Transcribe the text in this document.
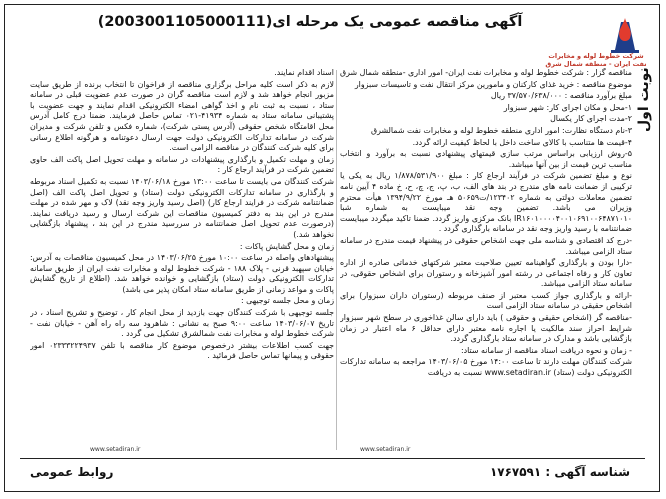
نوبت اول
شرکت خطوط لوله و مخابرات نفت ایران - منطقه شمال شرق
آگهی مناقصه عمومی یک مرحله ای(2003001105000111)

مناقصه گزار : شرکت خطوط لوله و مخابرات نفت ایران- امور اداری -منطقه شمال شرق

موضوع مناقصه : خرید غذای کارکنان و مامورین مرکز انتقال نفت و تاسیسات سبزوار

مبلغ برآورد مناقصه : ۳۷/۵۷۰/۶۳۸/۰۰۰ ریال

۱-محل و مکان اجرای کار: شهر سبزوار

۲-مدت اجرای کار یکسال

۳-نام دستگاه نظارت: امور اداری منطقه خطوط لوله و مخابرات نفت شمالشرق

۴-قیمت ها متناسب با کالای ساخت داخل با لحاظ کیفیت ارائه گردد.

۵-روش ارزیابی براساس مرتب سازی قیمتهای پیشنهادی نسبت به برآورد و انتخاب مناسب ترین قیمت از بین آنها میباشد.

نوع و مبلغ تضمین شرکت در فرآیند ارجاع کار : مبلغ ۱/۸۷۸/۵۳۱/۹۰۰ ریال به یکی یا ترکیبی از ضمانت نامه های مندرج در بند های الف، ب، پ، ج، چ، ح، خ ماده ۴ آیین نامه تضمین معاملات دولتی به شماره ۱۲۳۴۰۲/ت۵۰۶۵۹ هـ مورخ ۱۳۹۴/۹/۲۲ هیأت محترم وزیران می باشد. تضمین وجه نقد میبایست به شماره شبا IR۱۶۰۱۰۰۰۰۴۰۰۱۰۶۹۱۰۰۶۴۸۷۱۰۱۰ بانک مرکزی واریز گردد. ضمنا تاکید میگردد میبایست ضمانتنامه با رسید واریز وجه نقد در سامانه بارگذاری گردد .

-درج کد اقتصادی و شناسه ملی جهت اشخاص حقوقی در پیشنهاد قیمت مندرج در سامانه ستاد الزامی میباشد.

-دارا بودن و بارگذاری گواهینامه تعیین صلاحیت معتبر شرکتهای خدماتی صادره از اداره تعاون کار و رفاه اجتماعی در رشته امور آشپزخانه و رستوران برای اشخاص حقوقی، در سامانه ستاد الزامی میباشد.

-ارائه و بارگذاری جواز کسب معتبر از صنف مربوطه (رستوران داران سبزوار) برای اشخاص حقیقی در سامانه ستاد الزامی است

-مناقصه گر (اشخاص حقیقی و حقوقی ) باید دارای سالن غذاخوری در سطح شهر سبزوار شرایط احراز سند مالکیت یا اجاره نامه معتبر دارای حداقل ۶ ماه اعتبار در زمان بازگشایی باشد و مدارک در سامانه ستاد بارگذاری گردد.

- زمان و نحوه دریافت اسناد مناقصه از سامانه ستاد:

شرکت کنندگان مهلت دارند تا ساعت ۱۴:۰۰ مورخ ۱۴۰۳/۰۶/۰۵ مراجعه به سامانه تدارکات الکترونیکی دولت (ستاد) www.setadiran.ir نسبت به دریافت

اسناد اقدام نمایند.

لازم به ذکر است کلیه مراحل برگزاری مناقصه از فراخوان تا انتخاب برنده از طریق سایت مزبور انجام خواهد شد و لازم است مناقصه گران در صورت عدم عضویت قبلی در سامانه ستاد ، نسبت به ثبت نام و اخذ گواهی امضاء الکترونیکی اقدام نمایند و جهت عضویت با پشتیبانی سامانه ستاد به شماره ۴۱۹۳۴-۰۲۱ تماس حاصل فرمایند. ضمنا درج کامل آدرس محل اقامتگاه شخص حقوقی (آدرس پستی شرکت)، شماره فکس و تلفن شرکت و مدیران شرکت در سامانه تدارکات الکترونیکی دولت جهت ارسال دعوتنامه و هرگونه اطلاع رسانی برای کلیه شرکت کنندگان در مناقصه الزامی است.

زمان و مهلت تکمیل و بارگذاری پیشنهادات در سامانه و مهلت تحویل اصل پاکت الف حاوی تضمین شرکت در فرآیند ارجاع کار :

شرکت کنندگان می بایست تا ساعت ۱۳:۰۰ مورخ ۱۴۰۳/۰۶/۱۸ نسبت به تکمیل اسناد مربوطه و بارگذاری در سامانه تدارکات الکترونیکی دولت (ستاد) و تحویل اصل پاکت الف (اصل ضمانتنامه شرکت در فرایند ارجاع کار) (اصل رسید واریز وجه نقد) لاک و مهر شده در مهلت مندرج در این بند به دفتر کمیسیون مناقصات این شرکت ارسال و رسید دریافت نمایند. (درصورت عدم تحویل اصل ضمانتنامه در سررسید مندرج در این بند ، پیشنهاد بازگشایی نخواهد شد.)

زمان و محل گشایش پاکات :

پیشنهادهای واصله در ساعت ۱۰:۰۰ مورخ ۱۴۰۳/۰۶/۲۵ در محل کمیسیون مناقصات به آدرس: خیابان سپهبد قرنی - پلاک ۱۸۸ - شرکت خطوط لوله و مخابرات نفت ایران از طریق سامانه تدارکات الکترونیکی دولت (ستاد) بازگشایی و خوانده خواهد شد. (اطلاع از تاریخ گشایش پاکات و مواعد زمانی از طریق سامانه ستاد امکان پذیر می باشد)

زمان و محل جلسه توجیهی :

جلسه توجیهی با شرکت کنندگان جهت بازدید از محل انجام کار ، توضیح و تشریح اسناد ، در تاریخ ۱۴۰۳/۰۶/۰۷ ساعت ۹:۰۰ صبح به نشانی : شاهرود سه راه راه آهن - خیابان نفت - شرکت خطوط لوله و مخابرات نفت شمالشرق تشکیل می گردد .

جهت کسب اطلاعات بیشتر درخصوص موضوع کار مناقصه با تلفن ۰۲۳۳۳۲۲۴۹۳۷ امور حقوقی و پیمانها تماس حاصل فرمائید .

www.setadiran.ir
www.setadiran.ir
شناسه آگهی : ۱۷۶۷۵۹۱
روابط عمومی
